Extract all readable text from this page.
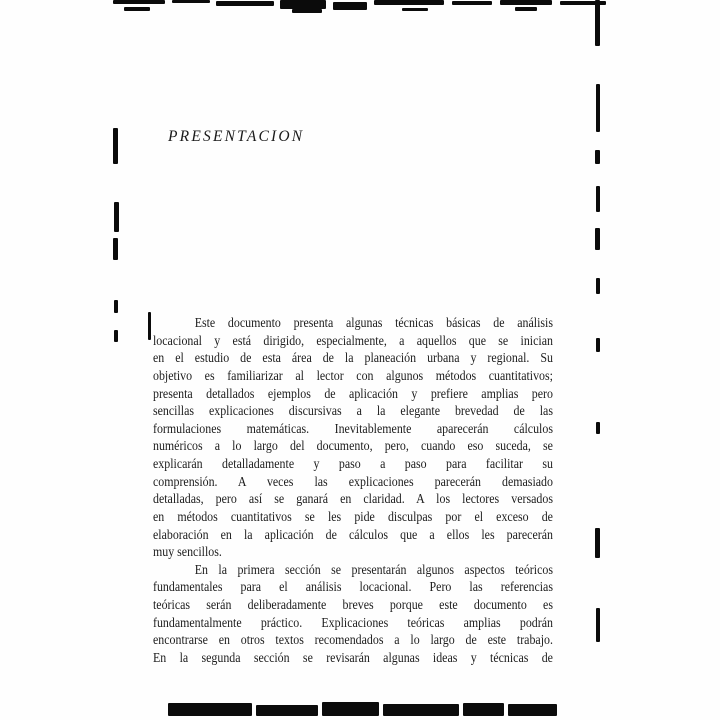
PRESENTACION
Este documento presenta algunas técnicas básicas de análisis
locacional y está dirigido, especialmente, a aquellos que se inician
en el estudio de esta área de la planeación urbana y regional. Su
objetivo es familiarizar al lector con algunos métodos cuantitativos;
presenta detallados ejemplos de aplicación y prefiere amplias pero
sencillas explicaciones discursivas a la elegante brevedad de las
formulaciones matemáticas. Inevitablemente aparecerán cálculos
numéricos a lo largo del documento, pero, cuando eso suceda, se
explicarán detalladamente y paso a paso para facilitar su
comprensión. A veces las explicaciones parecerán demasiado
detalladas, pero así se ganará en claridad. A los lectores versados
en métodos cuantitativos se les pide disculpas por el exceso de
elaboración en la aplicación de cálculos que a ellos les parecerán
muy sencillos.
En la primera sección se presentarán algunos aspectos teóricos
fundamentales para el análisis locacional. Pero las referencias
teóricas serán deliberadamente breves porque este documento es
fundamentalmente práctico. Explicaciones teóricas amplias podrán
encontrarse en otros textos recomendados a lo largo de este trabajo.
En la segunda sección se revisarán algunas ideas y técnicas de
